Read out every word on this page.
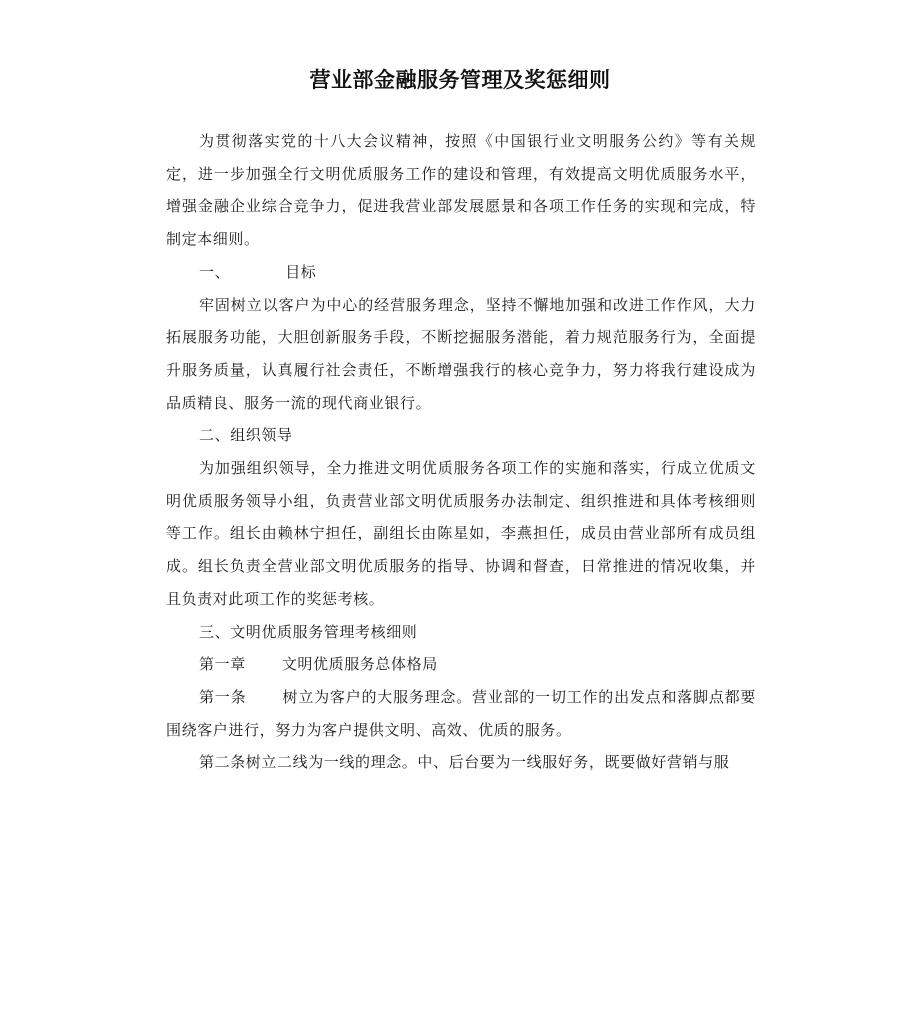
营业部金融服务管理及奖惩细则

为贯彻落实党的十八大会议精神，按照《中国银行业文明服务公约》等有关规定，进一步加强全行文明优质服务工作的建设和管理，有效提高文明优质服务水平，增强金融企业综合竞争力，促进我营业部发展愿景和各项工作任务的实现和完成，特制定本细则。

一、	目标

牢固树立以客户为中心的经营服务理念，坚持不懈地加强和改进工作作风，大力拓展服务功能，大胆创新服务手段，不断挖掘服务潜能，着力规范服务行为，全面提升服务质量，认真履行社会责任，不断增强我行的核心竞争力，努力将我行建设成为品质精良、服务一流的现代商业银行。

二、组织领导

为加强组织领导，全力推进文明优质服务各项工作的实施和落实，行成立优质文明优质服务领导小组，负责营业部文明优质服务办法制定、组织推进和具体考核细则等工作。组长由赖林宁担任，副组长由陈星如，李燕担任，成员由营业部所有成员组成。组长负责全营业部文明优质服务的指导、协调和督查，日常推进的情况收集，并且负责对此项工作的奖惩考核。

三、文明优质服务管理考核细则
第一章 文明优质服务总体格局

第一条 树立为客户的大服务理念。营业部的一切工作的出发点和落脚点都要围绕客户进行，努力为客户提供文明、高效、优质的服务。

第二条树立二线为一线的理念。中、后台要为一线服好务，既要做好营销与服
